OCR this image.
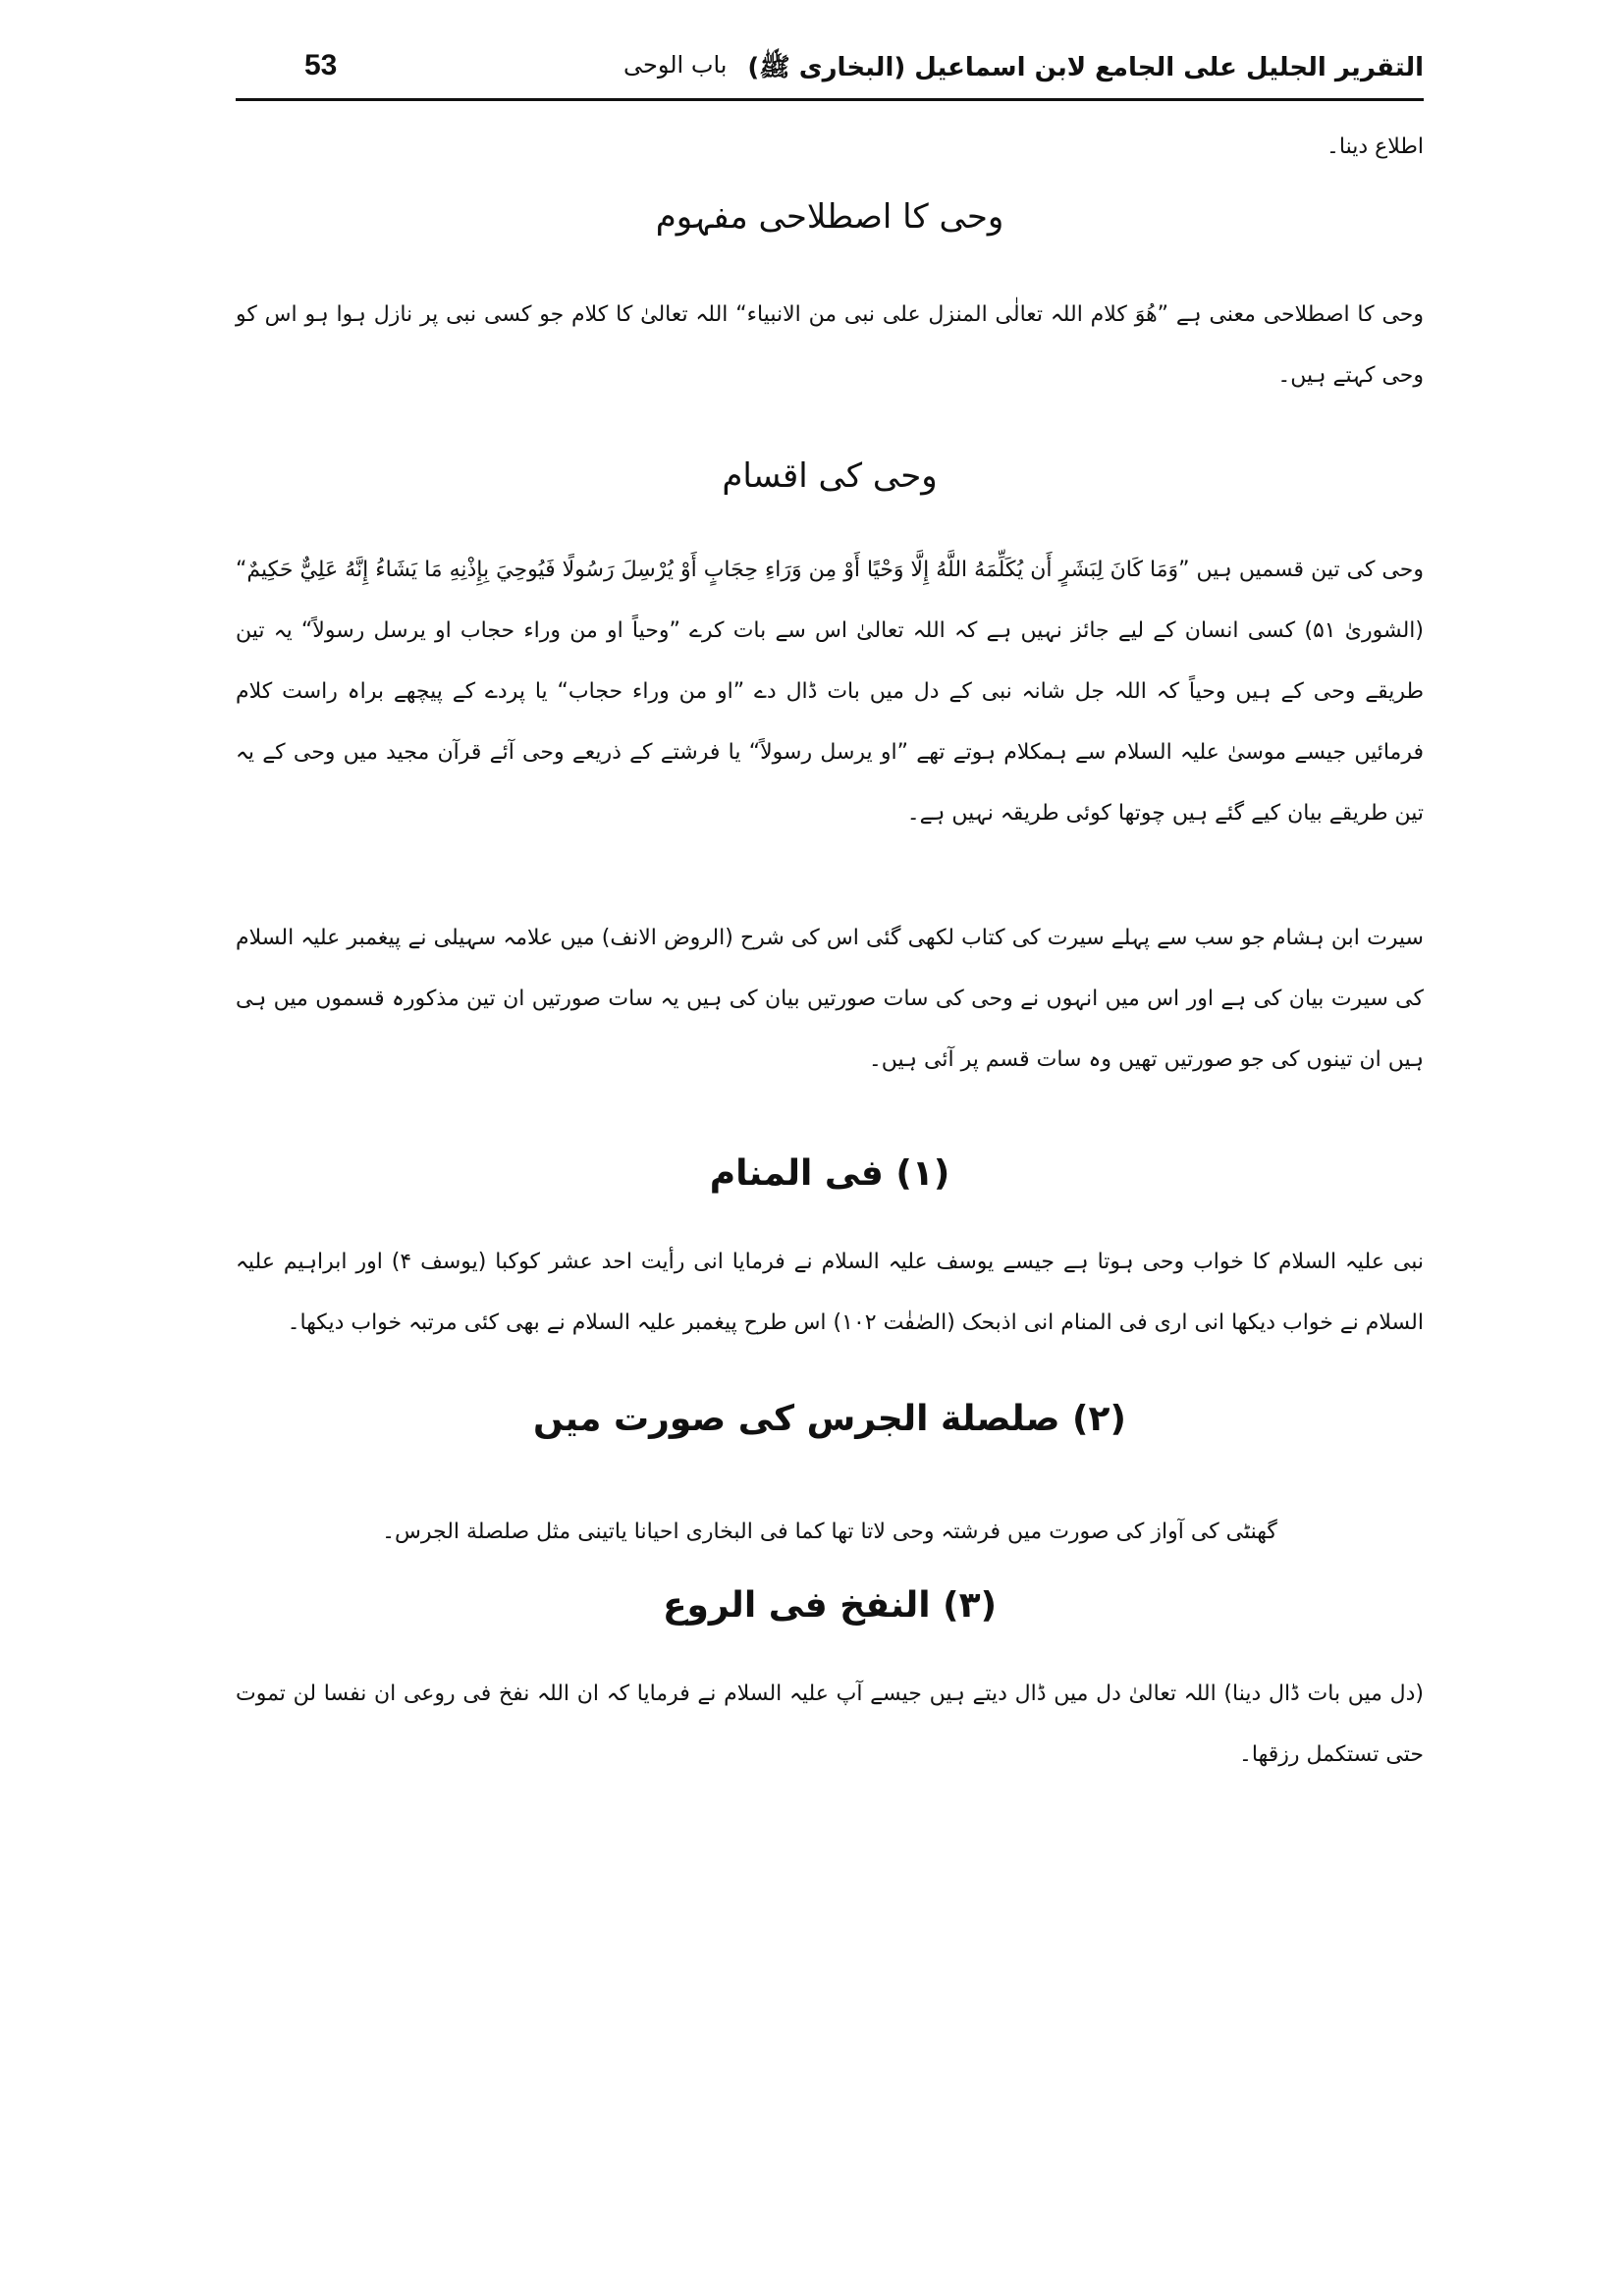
53	باب الوحی التقریر الجلیل علی الجامع لابن اسماعیل (البخاری ﷺ)
اطلاع دینا۔
وحی کا اصطلاحی مفہوم
وحی کا اصطلاحی معنی ہے ”ھُوَ کلام اللہ تعالٰی المنزل علی نبی من الانبیاء“ اللہ تعالیٰ کا کلام جو کسی نبی پر نازل ہوا ہو اس کو وحی کہتے ہیں۔
وحی کی اقسام
وحی کی تین قسمیں ہیں ”وَمَا كَانَ لِبَشَرٍ أَن يُكَلِّمَهُ اللَّهُ إِلَّا وَحْيًا أَوْ مِن وَرَاءِ حِجَابٍ أَوْ يُرْسِلَ رَسُولًا فَيُوحِيَ بِإِذْنِهِ مَا يَشَاءُ إِنَّهُ عَلِيٌّ حَكِيمٌ“ (الشوریٰ ۵۱) کسی انسان کے لیے جائز نہیں ہے کہ اللہ تعالیٰ اس سے بات کرے ”وحیاً او من وراء حجاب او یرسل رسولاً“ یہ تین طریقے وحی کے ہیں وحیاً کہ اللہ جل شانہ نبی کے دل میں بات ڈال دے ”او من وراء حجاب“ یا پردے کے پیچھے براہ راست کلام فرمائیں جیسے موسیٰ علیہ السلام سے ہمکلام ہوتے تھے ”او یرسل رسولاً“ یا فرشتے کے ذریعے وحی آئے قرآن مجید میں وحی کے یہ تین طریقے بیان کیے گئے ہیں چوتھا کوئی طریقہ نہیں ہے۔
سیرت ابن ہشام جو سب سے پہلے سیرت کی کتاب لکھی گئی اس کی شرح (الروض الانف) میں علامہ سہیلی نے پیغمبر علیہ السلام کی سیرت بیان کی ہے اور اس میں انہوں نے وحی کی سات صورتیں بیان کی ہیں یہ سات صورتیں ان تین مذکورہ قسموں میں ہی ہیں ان تینوں کی جو صورتیں تھیں وہ سات قسم پر آئی ہیں۔
(۱) فی المنام
نبی علیہ السلام کا خواب وحی ہوتا ہے جیسے یوسف علیہ السلام نے فرمایا انی رأیت احد عشر کوکبا (یوسف ۴) اور ابراہیم علیہ السلام نے خواب دیکھا انی اری فی المنام انی اذبحک (الصٰفٰت ۱۰۲) اس طرح پیغمبر علیہ السلام نے بھی کئی مرتبہ خواب دیکھا۔
(۲) صلصلة الجرس کی صورت میں
گھنٹی کی آواز کی صورت میں فرشتہ وحی لاتا تھا کما فی البخاری احیانا یاتینی مثل صلصلة الجرس۔
(۳) النفخ فی الروع
(دل میں بات ڈال دینا) اللہ تعالیٰ دل میں ڈال دیتے ہیں جیسے آپ علیہ السلام نے فرمایا کہ ان اللہ نفخ فی روعی ان نفسا لن تموت حتی تستکمل رزقها۔
